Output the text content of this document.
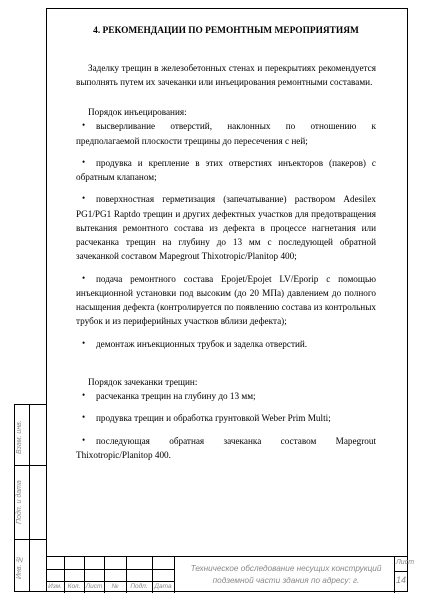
Взам. инв.
Подп. и дата
Инв. №

4. РЕКОМЕНДАЦИИ ПО РЕМОНТНЫМ МЕРОПРИЯТИЯМ

Заделку трещин в железобетонных стенах и перекрытиях рекомендуется выполнять путем их зачеканки или инъецирования ремонтными составами.

Порядок инъецирования:

• высверливание отверстий, наклонных по отношению к предполагаемой плоскости трещины до пересечения с ней;
• продувка и крепление в этих отверстиях инъекторов (пакеров) с обратным клапаном;
• поверхностная герметизация (запечатывание) раствором Adesilex PG1/PG1 Raptdo трещин и других дефектных участков для предотвращения вытекания ремонтного состава из дефекта в процессе нагнетания или расчеканка трещин на глубину до 13 мм с последующей обратной зачеканкой составом Mapegrout Thixotropic/Planitop 400;
• подача ремонтного состава Epojet/Epojet LV/Eporip с помощью инъекционной установки под высоким (до 20 МПа) давлением до полного насыщения дефекта (контролируется по появлению состава из контрольных трубок и из периферийных участков вблизи дефекта);
• демонтаж инъекционных трубок и заделка отверстий.

Порядок зачеканки трещин:

• расчеканка трещин на глубину до 13 мм;
• продувка трещин и обработка грунтовкой Weber Prim Multi;
• последующая обратная зачеканка составом Mapegrout Thixotropic/Planitop 400.
Изм. Кол. Лист	№	Подп.	Дата
Техническое обследование несущих конструкций подземной части здания по адресу: г.
Лист
14
